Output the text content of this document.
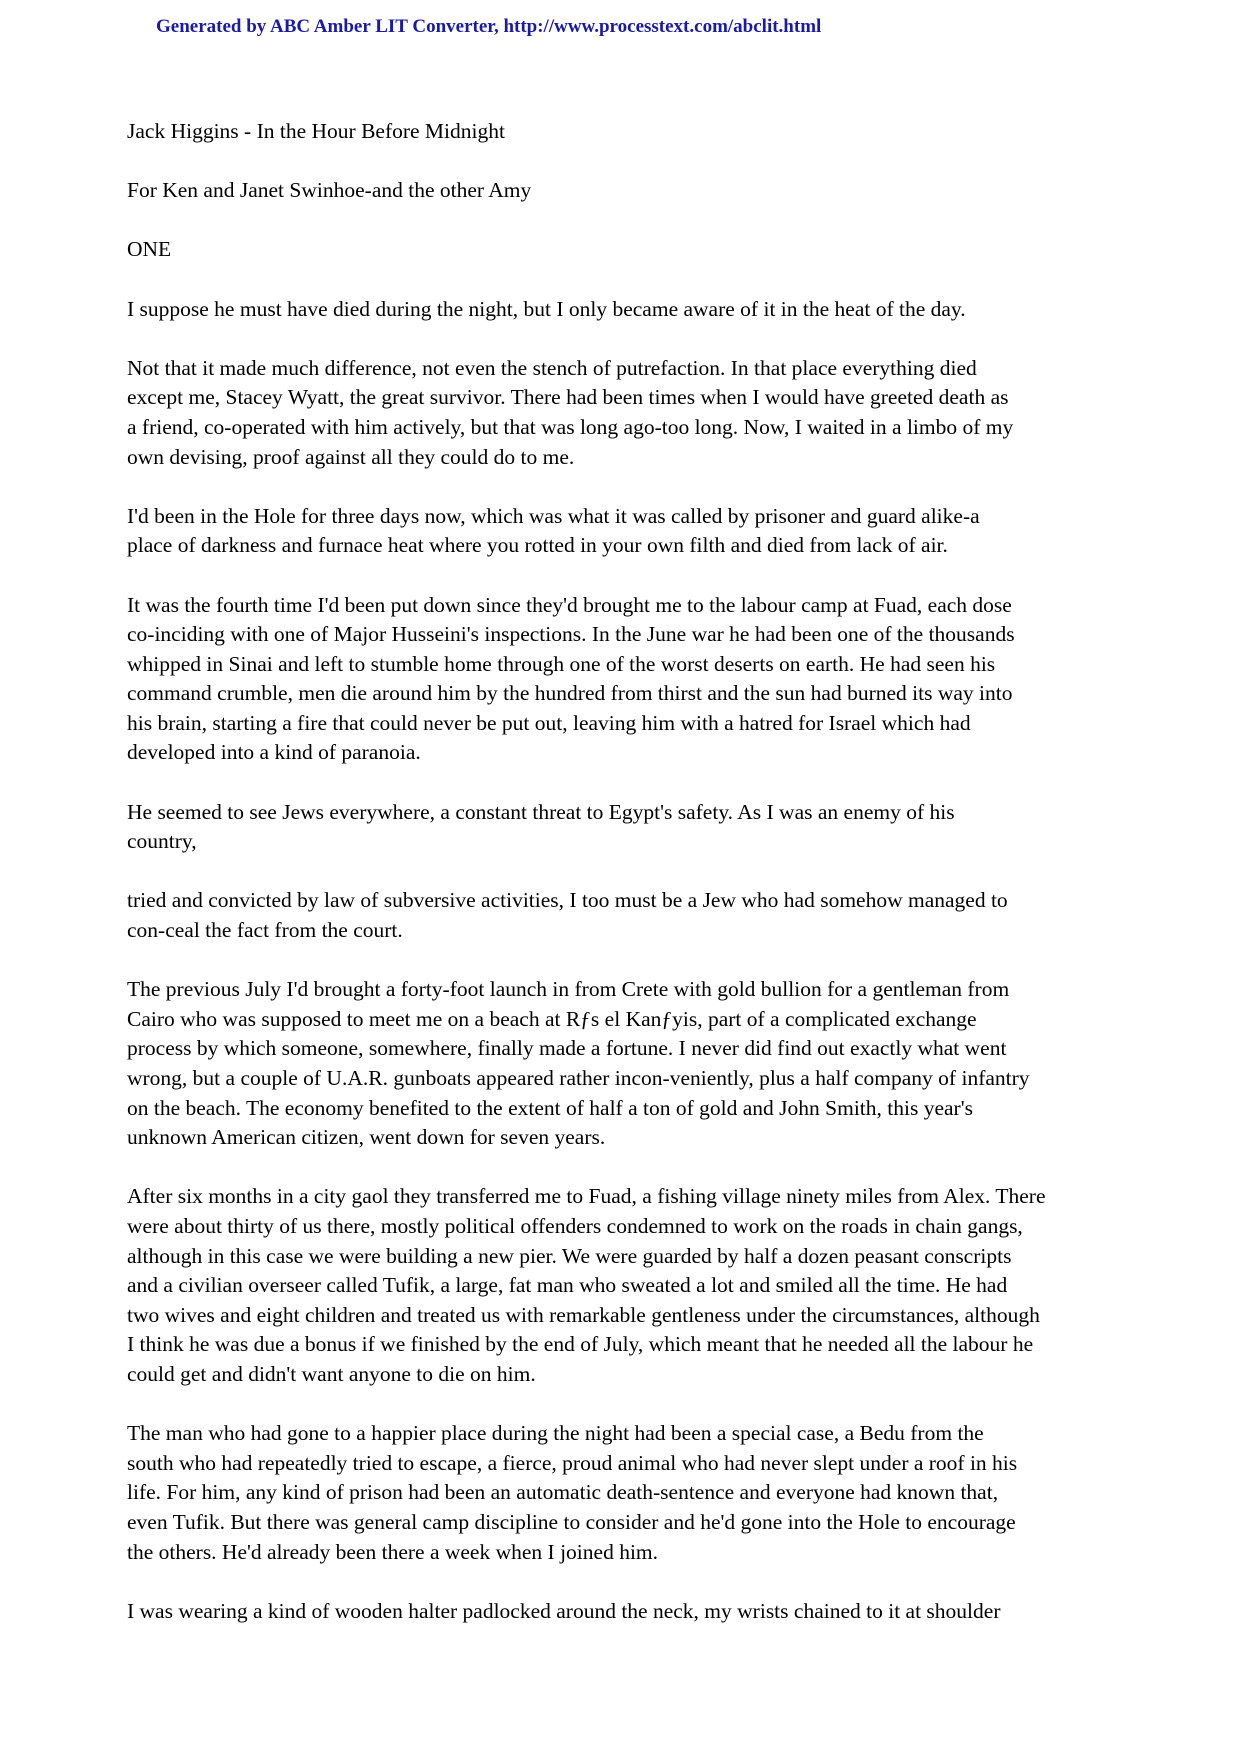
Generated by ABC Amber LIT Converter, http://www.processtext.com/abclit.html

Jack Higgins - In the Hour Before Midnight

For Ken and Janet Swinhoe-and the other Amy

ONE

I suppose he must have died during the night, but I only became aware of it in the heat of the day.

Not that it made much difference, not even the stench of putrefaction. In that place everything died
except me, Stacey Wyatt, the great survivor. There had been times when I would have greeted death as
a friend, co-operated with him actively, but that was long ago-too long. Now, I waited in a limbo of my
own devising, proof against all they could do to me.

I'd been in the Hole for three days now, which was what it was called by prisoner and guard alike-a
place of darkness and furnace heat where you rotted in your own filth and died from lack of air.

It was the fourth time I'd been put down since they'd brought me to the labour camp at Fuad, each dose
co-inciding with one of Major Husseini's inspections. In the June war he had been one of the thousands
whipped in Sinai and left to stumble home through one of the worst deserts on earth. He had seen his
command crumble, men die around him by the hundred from thirst and the sun had burned its way into
his brain, starting a fire that could never be put out, leaving him with a hatred for Israel which had
developed into a kind of paranoia.

He seemed to see Jews everywhere, a constant threat to Egypt's safety. As I was an enemy of his
country,

tried and convicted by law of subversive activities, I too must be a Jew who had somehow managed to
con-ceal the fact from the court.

The previous July I'd brought a forty-foot launch in from Crete with gold bullion for a gentleman from
Cairo who was supposed to meet me on a beach at Rƒs el Kanƒyis, part of a complicated exchange
process by which someone, somewhere, finally made a fortune. I never did find out exactly what went
wrong, but a couple of U.A.R. gunboats appeared rather incon-veniently, plus a half company of infantry
on the beach. The economy benefited to the extent of half a ton of gold and John Smith, this year's
unknown American citizen, went down for seven years.

After six months in a city gaol they transferred me to Fuad, a fishing village ninety miles from Alex. There
were about thirty of us there, mostly political offenders condemned to work on the roads in chain gangs,
although in this case we were building a new pier. We were guarded by half a dozen peasant conscripts
and a civilian overseer called Tufik, a large, fat man who sweated a lot and smiled all the time. He had
two wives and eight children and treated us with remarkable gentleness under the circumstances, although
I think he was due a bonus if we finished by the end of July, which meant that he needed all the labour he
could get and didn't want anyone to die on him.

The man who had gone to a happier place during the night had been a special case, a Bedu from the
south who had repeatedly tried to escape, a fierce, proud animal who had never slept under a roof in his
life. For him, any kind of prison had been an automatic death-sentence and everyone had known that,
even Tufik. But there was general camp discipline to consider and he'd gone into the Hole to encourage
the others. He'd already been there a week when I joined him.

I was wearing a kind of wooden halter padlocked around the neck, my wrists chained to it at shoulder
